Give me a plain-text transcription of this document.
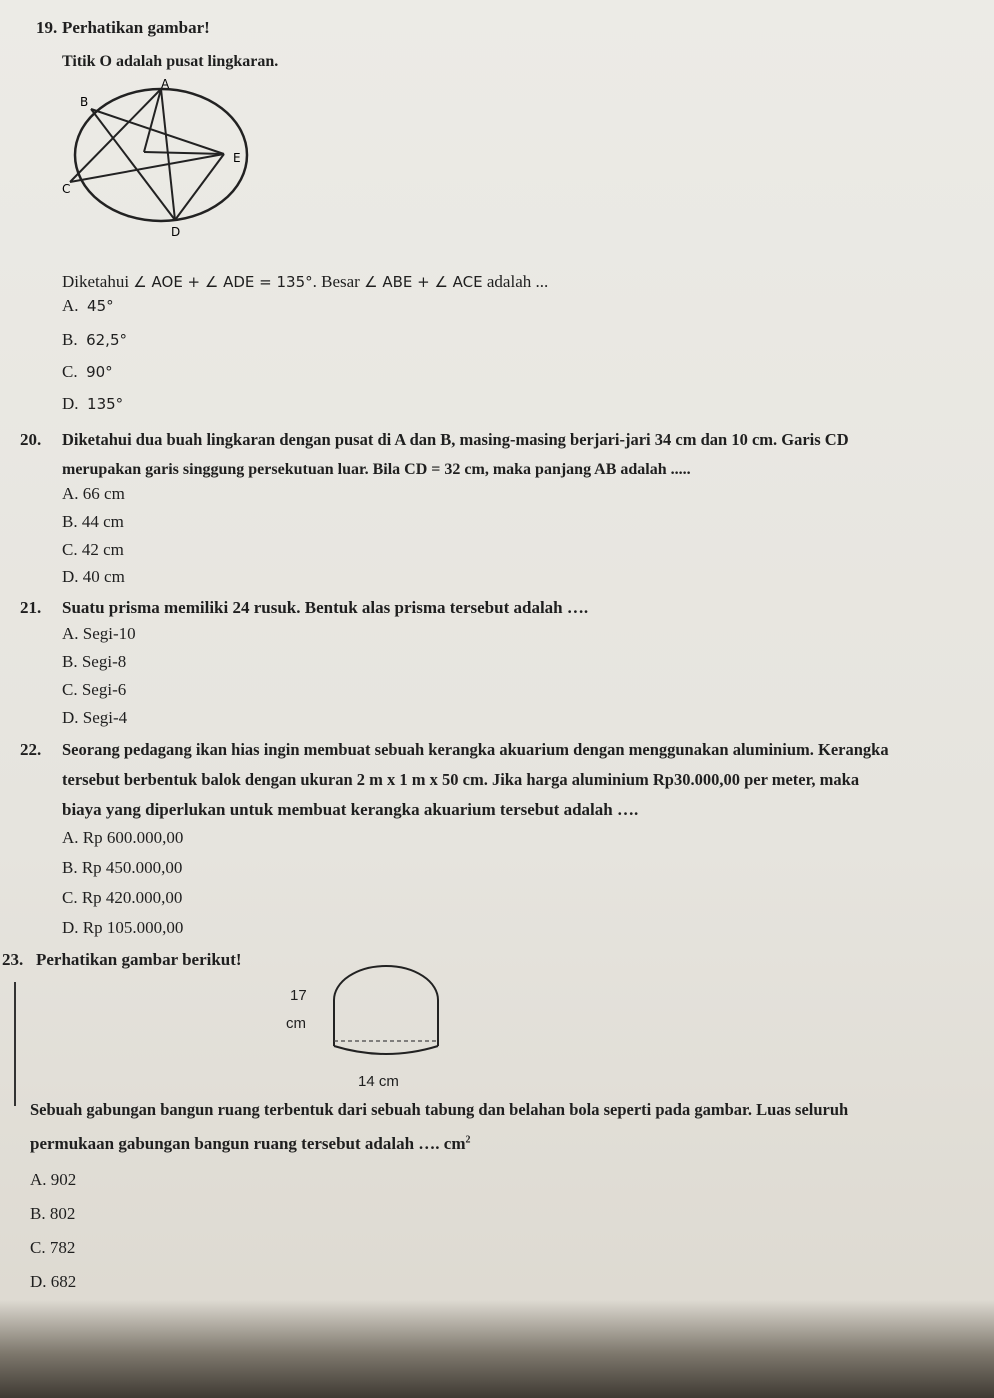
19. Perhatikan gambar!
Titik O adalah pusat lingkaran.
A
B
C
D
E
Diketahui ∠ AOE + ∠ ADE = 135°. Besar ∠ ABE + ∠ ACE adalah ...
A. 45°
B. 62,5°
C. 90°
D. 135°
20. Diketahui dua buah lingkaran dengan pusat di A dan B, masing-masing berjari-jari 34 cm dan 10 cm. Garis CD
merupakan garis singgung persekutuan luar. Bila CD = 32 cm, maka panjang AB adalah .....
A. 66 cm
B. 44 cm
C. 42 cm
D. 40 cm
21. Suatu prisma memiliki 24 rusuk. Bentuk alas prisma tersebut adalah ….
A. Segi-10
B. Segi-8
C. Segi-6
D. Segi-4
22. Seorang pedagang ikan hias ingin membuat sebuah kerangka akuarium dengan menggunakan aluminium. Kerangka
tersebut berbentuk balok dengan ukuran 2 m x 1 m x 50 cm. Jika harga aluminium Rp30.000,00 per meter, maka
biaya yang diperlukan untuk membuat kerangka akuarium tersebut adalah ….
A. Rp 600.000,00
B. Rp 450.000,00
C. Rp 420.000,00
D. Rp 105.000,00
23. Perhatikan gambar berikut!
17
cm
14 cm
Sebuah gabungan bangun ruang terbentuk dari sebuah tabung dan belahan bola seperti pada gambar. Luas seluruh
permukaan gabungan bangun ruang tersebut adalah …. $cm^2$
A. 902
B. 802
C. 782
D. 682
